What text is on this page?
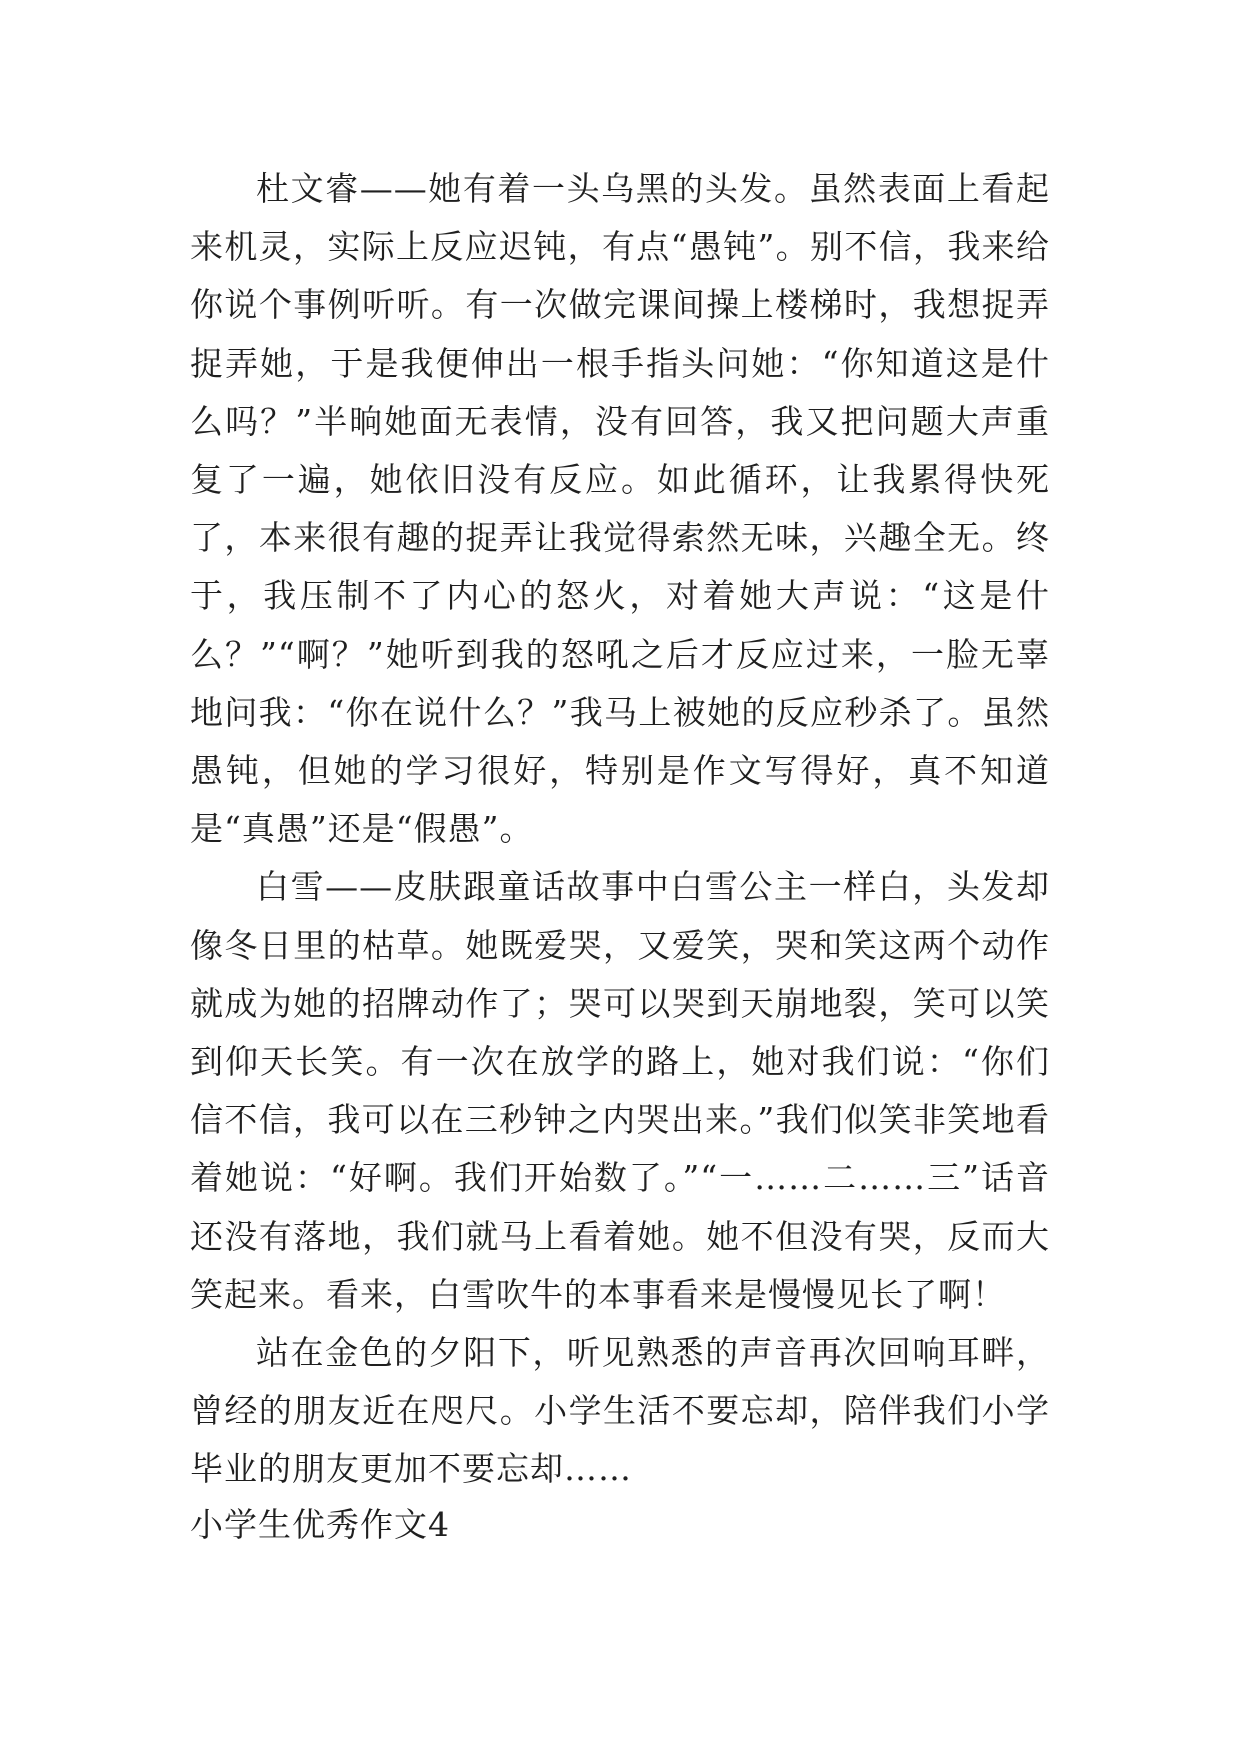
杜文睿——她有着一头乌黑的头发。虽然表面上看起来机灵，实际上反应迟钝，有点“愚钝”。别不信，我来给你说个事例听听。有一次做完课间操上楼梯时，我想捉弄捉弄她，于是我便伸出一根手指头问她：“你知道这是什么吗？”半晌她面无表情，没有回答，我又把问题大声重复了一遍，她依旧没有反应。如此循环，让我累得快死了，本来很有趣的捉弄让我觉得索然无味，兴趣全无。终于，我压制不了内心的怒火，对着她大声说：“这是什么？”“啊？”她听到我的怒吼之后才反应过来，一脸无辜地问我：“你在说什么？”我马上被她的反应秒杀了。虽然愚钝，但她的学习很好，特别是作文写得好，真不知道是“真愚”还是“假愚”。

白雪——皮肤跟童话故事中白雪公主一样白，头发却像冬日里的枯草。她既爱哭，又爱笑，哭和笑这两个动作就成为她的招牌动作了；哭可以哭到天崩地裂，笑可以笑到仰天长笑。有一次在放学的路上，她对我们说：“你们信不信，我可以在三秒钟之内哭出来。”我们似笑非笑地看着她说：“好啊。我们开始数了。”“一……二……三”话音还没有落地，我们就马上看着她。她不但没有哭，反而大笑起来。看来，白雪吹牛的本事看来是慢慢见长了啊！

站在金色的夕阳下，听见熟悉的声音再次回响耳畔，曾经的朋友近在咫尺。小学生活不要忘却，陪伴我们小学毕业的朋友更加不要忘却……

小学生优秀作文4
